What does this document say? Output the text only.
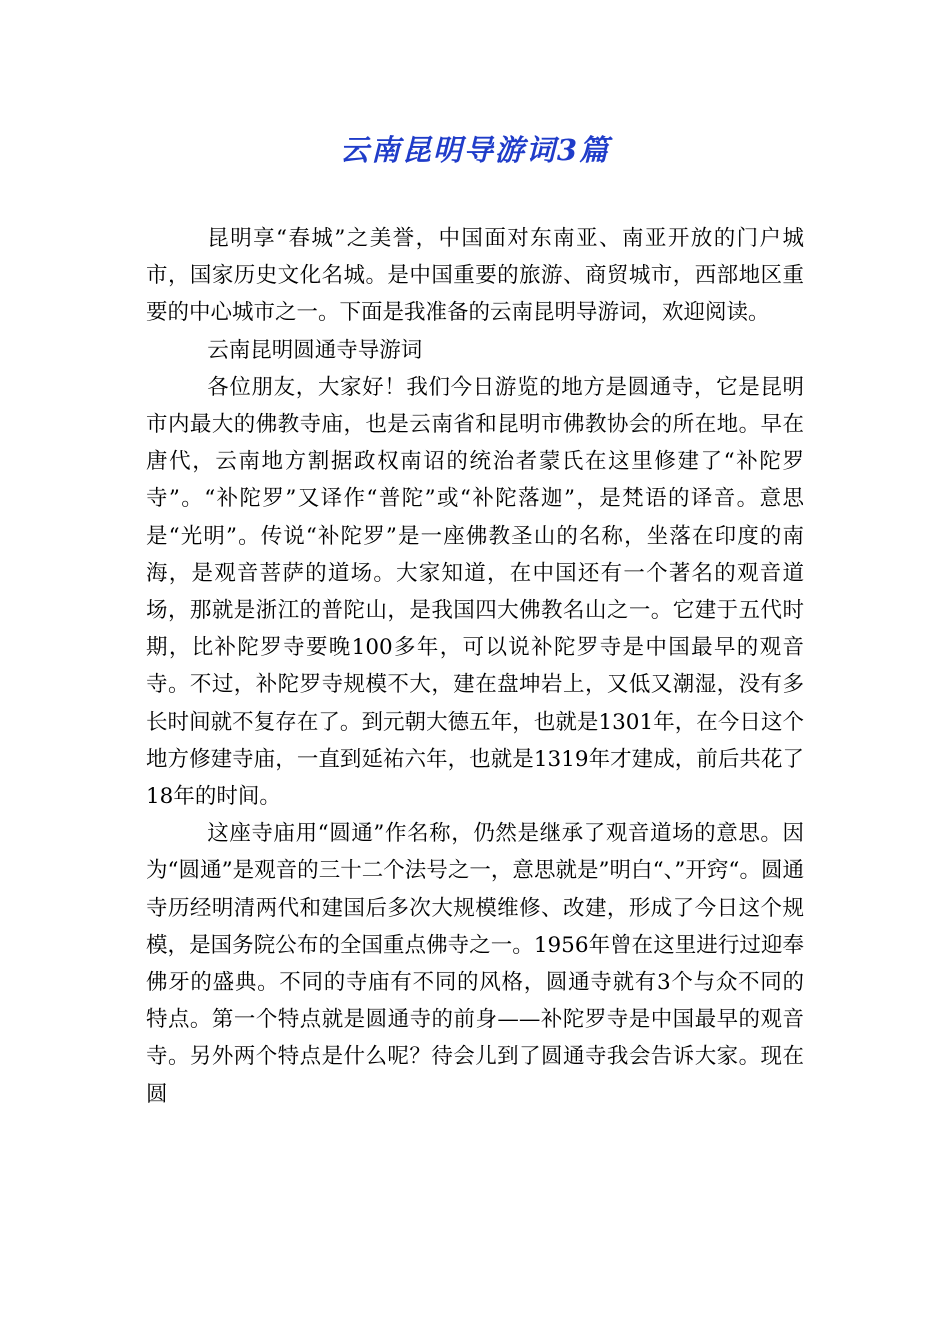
云南昆明导游词3篇

昆明享“春城”之美誉，中国面对东南亚、南亚开放的门户城市，国家历史文化名城。是中国重要的旅游、商贸城市，西部地区重要的中心城市之一。下面是我准备的云南昆明导游词，欢迎阅读。

云南昆明圆通寺导游词

各位朋友，大家好！我们今日游览的地方是圆通寺，它是昆明市内最大的佛教寺庙，也是云南省和昆明市佛教协会的所在地。早在唐代，云南地方割据政权南诏的统治者蒙氏在这里修建了“补陀罗寺”。“补陀罗”又译作“普陀”或“补陀落迦”，是梵语的译音。意思是“光明”。传说“补陀罗”是一座佛教圣山的名称，坐落在印度的南海，是观音菩萨的道场。大家知道，在中国还有一个著名的观音道场，那就是浙江的普陀山，是我国四大佛教名山之一。它建于五代时期，比补陀罗寺要晚100多年，可以说补陀罗寺是中国最早的观音寺。不过，补陀罗寺规模不大，建在盘坤岩上，又低又潮湿，没有多长时间就不复存在了。到元朝大德五年，也就是1301年，在今日这个地方修建寺庙，一直到延祐六年，也就是1319年才建成，前后共花了18年的时间。

这座寺庙用“圆通”作名称，仍然是继承了观音道场的意思。因为“圆通”是观音的三十二个法号之一，意思就是”明白“、”开窍“。圆通寺历经明清两代和建国后多次大规模维修、改建，形成了今日这个规模，是国务院公布的全国重点佛寺之一。1956年曾在这里进行过迎奉佛牙的盛典。不同的寺庙有不同的风格，圆通寺就有3个与众不同的特点。第一个特点就是圆通寺的前身——补陀罗寺是中国最早的观音寺。另外两个特点是什么呢？待会儿到了圆通寺我会告诉大家。现在圆
